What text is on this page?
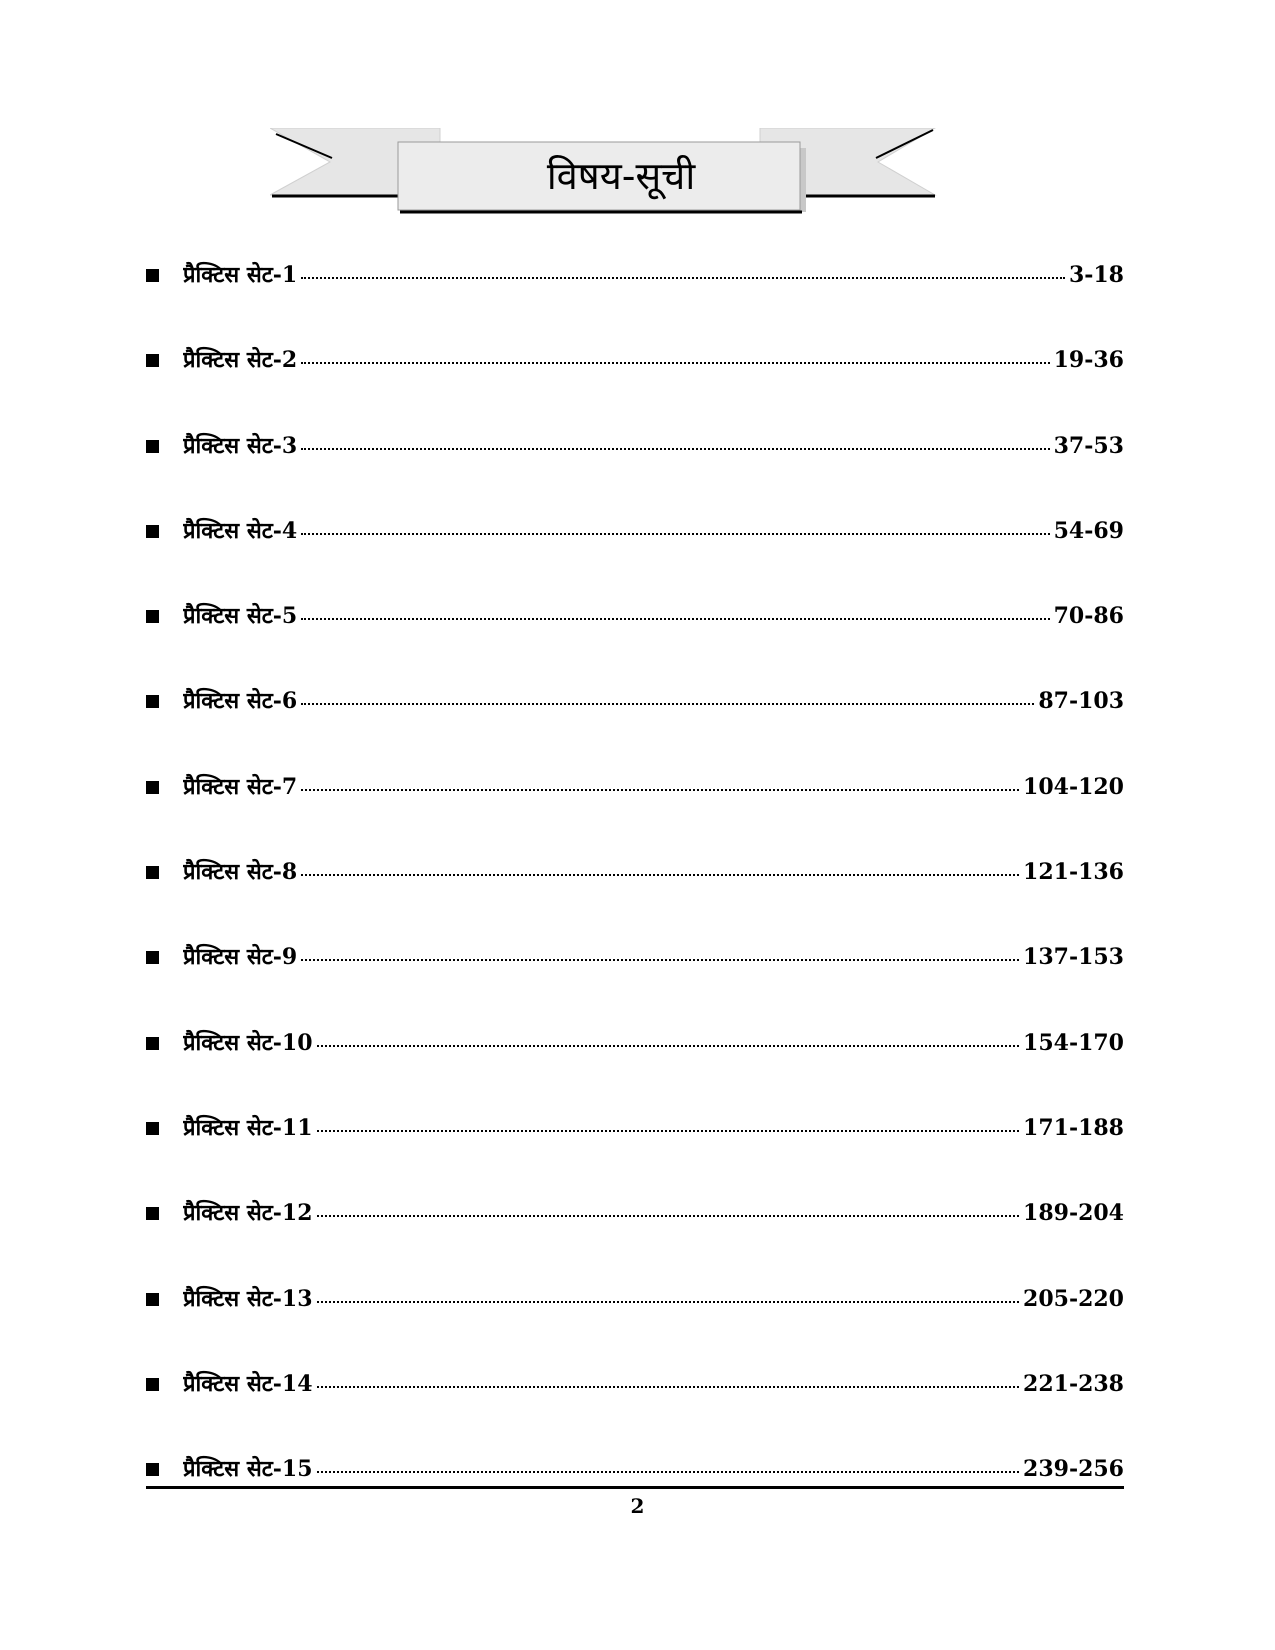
विषय-सूची
प्रैक्टिस सेट-1	3-18
प्रैक्टिस सेट-2	19-36
प्रैक्टिस सेट-3	37-53
प्रैक्टिस सेट-4	54-69
प्रैक्टिस सेट-5	70-86
प्रैक्टिस सेट-6	87-103
प्रैक्टिस सेट-7	104-120
प्रैक्टिस सेट-8	121-136
प्रैक्टिस सेट-9	137-153
प्रैक्टिस सेट-10	154-170
प्रैक्टिस सेट-11	171-188
प्रैक्टिस सेट-12	189-204
प्रैक्टिस सेट-13	205-220
प्रैक्टिस सेट-14	221-238
प्रैक्टिस सेट-15	239-256
2
